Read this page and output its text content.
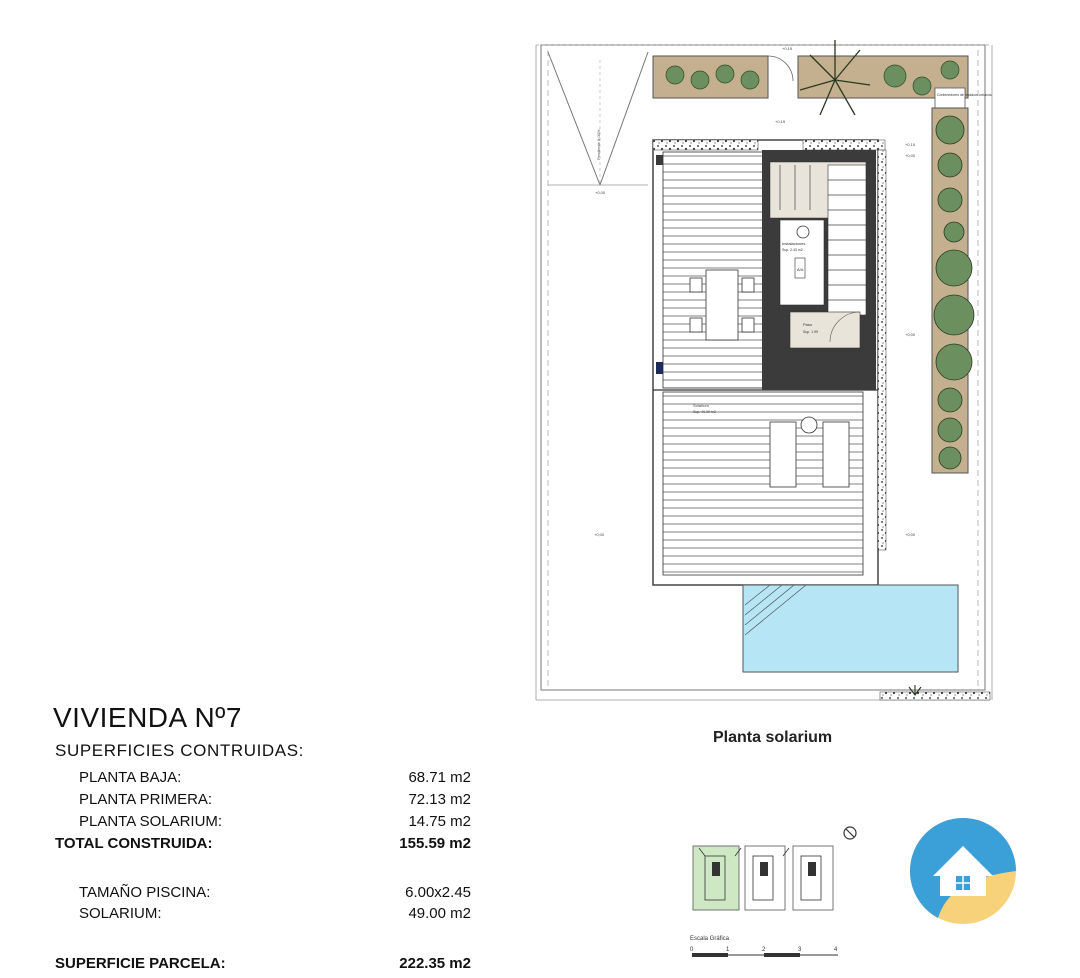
Pendiente 8,00%
Contenedores de residuos urbanos
Instalaciones
Sup. 2.43 m2
A/A
Paso
Sup. 1.99
Solarium
Sup. 49.00 m2
+0,15
+0,15
+0,15
+0,00
+0,00
+0,00
+0,00	+0,00
Escala Gráfica
0	1	2	3	4
VIVIENDA Nº7
SUPERFICIES CONTRUIDAS:
PLANTA BAJA:	68.71 m2
PLANTA PRIMERA:	72.13 m2
PLANTA SOLARIUM:	14.75 m2
TOTAL CONSTRUIDA:	155.59 m2
TAMAÑO PISCINA:	6.00x2.45
SOLARIUM:	49.00 m2
SUPERFICIE PARCELA:	222.35 m2
Planta solarium
